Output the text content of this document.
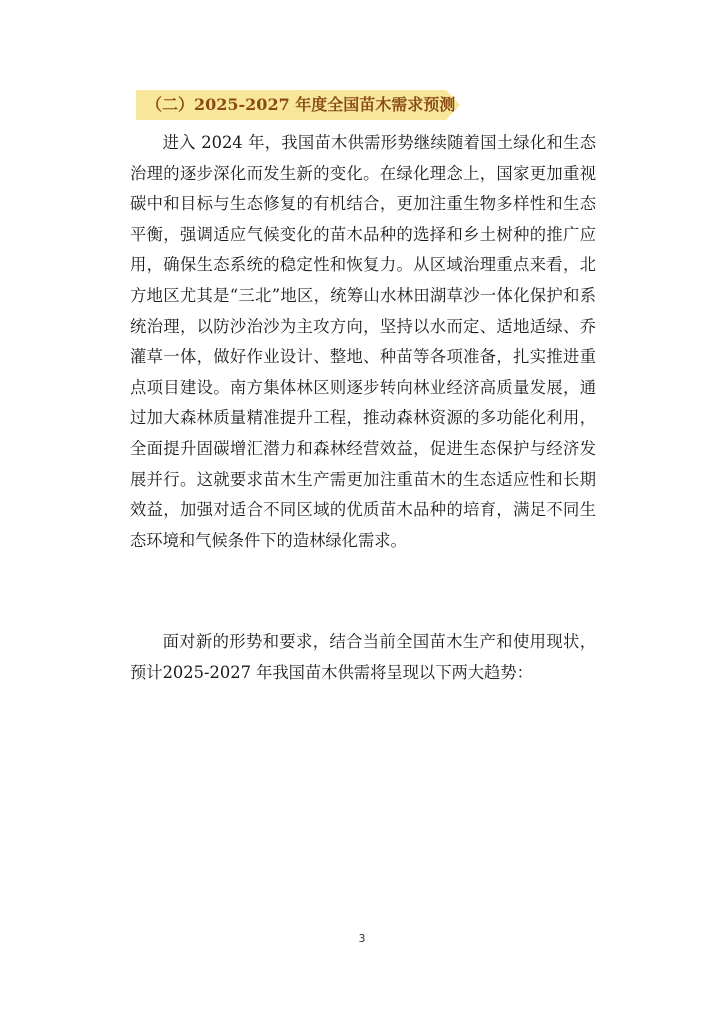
（二）2025-2027 年度全国苗木需求预测

进入 2024 年，我国苗木供需形势继续随着国土绿化和生态治理的逐步深化而发生新的变化。在绿化理念上，国家更加重视碳中和目标与生态修复的有机结合，更加注重生物多样性和生态平衡，强调适应气候变化的苗木品种的选择和乡土树种的推广应用，确保生态系统的稳定性和恢复力。从区域治理重点来看，北方地区尤其是“三北”地区，统筹山水林田湖草沙一体化保护和系统治理，以防沙治沙为主攻方向，坚持以水而定、适地适绿、乔灌草一体，做好作业设计、整地、种苗等各项准备，扎实推进重点项目建设。南方集体林区则逐步转向林业经济高质量发展，通过加大森林质量精准提升工程，推动森林资源的多功能化利用，全面提升固碳增汇潜力和森林经营效益，促进生态保护与经济发展并行。这就要求苗木生产需更加注重苗木的生态适应性和长期效益，加强对适合不同区域的优质苗木品种的培育，满足不同生态环境和气候条件下的造林绿化需求。

面对新的形势和要求，结合当前全国苗木生产和使用现状，预计2025-2027 年我国苗木供需将呈现以下两大趋势：

3
